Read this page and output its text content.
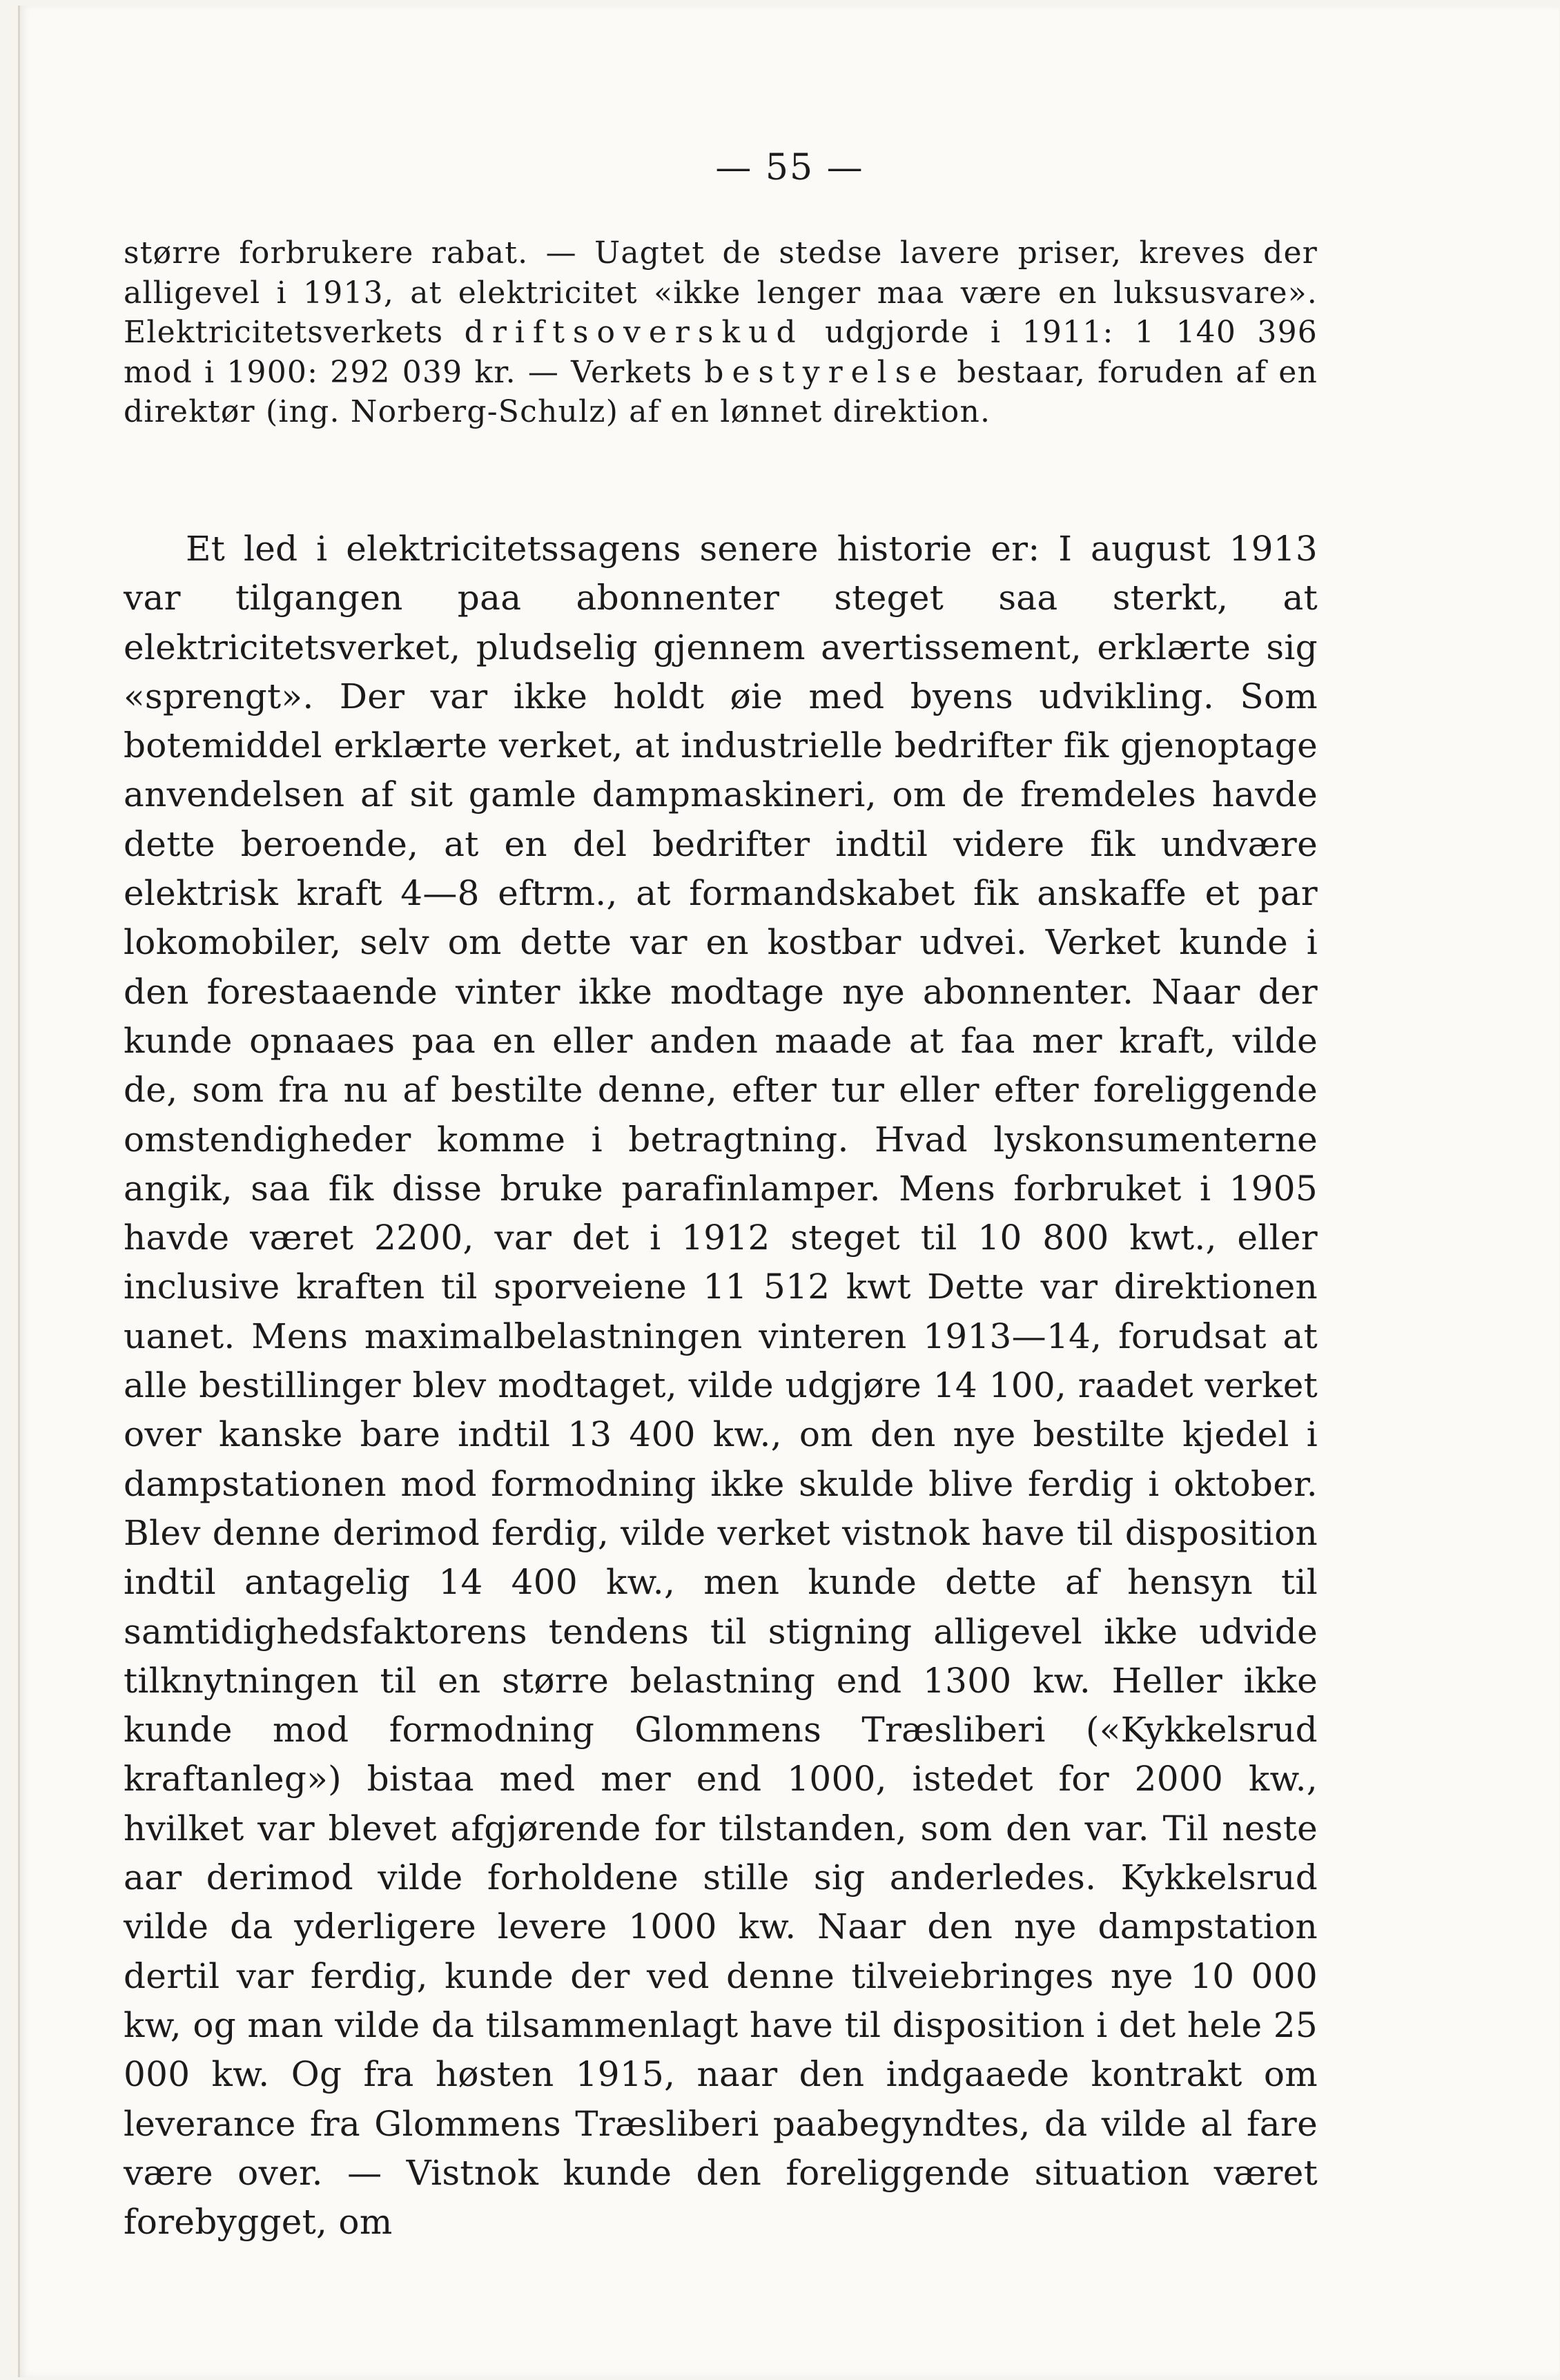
— 55 —

større forbrukere rabat. — Uagtet de stedse lavere priser, kreves der alligevel i 1913, at elektricitet «ikke lenger maa være en luksusvare». Elektricitetsverkets driftsoverskud udgjorde i 1911: 1 140 396 mod i 1900: 292 039 kr. — Verkets bestyrelse bestaar, foruden af en direktør (ing. Norberg-Schulz) af en lønnet direktion.

Et led i elektricitetssagens senere historie er: I august 1913 var tilgangen paa abonnenter steget saa sterkt, at elektricitetsverket, pludselig gjennem avertissement, erklærte sig «sprengt». Der var ikke holdt øie med byens udvikling. Som botemiddel erklærte verket, at industrielle bedrifter fik gjenoptage anvendelsen af sit gamle dampmaskineri, om de fremdeles havde dette beroende, at en del bedrifter indtil videre fik undvære elektrisk kraft 4—8 eftrm., at formandskabet fik anskaffe et par lokomobiler, selv om dette var en kostbar udvei. Verket kunde i den forestaaende vinter ikke modtage nye abonnenter. Naar der kunde opnaaes paa en eller anden maade at faa mer kraft, vilde de, som fra nu af bestilte denne, efter tur eller efter foreliggende omstendigheder komme i betragtning. Hvad lyskonsumenterne angik, saa fik disse bruke parafinlamper. Mens forbruket i 1905 havde været 2200, var det i 1912 steget til 10 800 kwt., eller inclusive kraften til sporveiene 11 512 kwt Dette var direktionen uanet. Mens maximalbelastningen vinteren 1913—14, forudsat at alle bestillinger blev modtaget, vilde udgjøre 14 100, raadet verket over kanske bare indtil 13 400 kw., om den nye bestilte kjedel i dampstationen mod formodning ikke skulde blive ferdig i oktober. Blev denne derimod ferdig, vilde verket vistnok have til disposition indtil antagelig 14 400 kw., men kunde dette af hensyn til samtidighedsfaktorens tendens til stigning alligevel ikke udvide tilknytningen til en større belastning end 1300 kw. Heller ikke kunde mod formodning Glommens Træsliberi («Kykkelsrud kraftanleg») bistaa med mer end 1000, istedet for 2000 kw., hvilket var blevet afgjørende for tilstanden, som den var. Til neste aar derimod vilde forholdene stille sig anderledes. Kykkelsrud vilde da yderligere levere 1000 kw. Naar den nye dampstation dertil var ferdig, kunde der ved denne tilveiebringes nye 10 000 kw, og man vilde da tilsammenlagt have til disposition i det hele 25 000 kw. Og fra høsten 1915, naar den indgaaede kontrakt om leverance fra Glommens Træsliberi paabegyndtes, da vilde al fare være over. — Vistnok kunde den foreliggende situation været forebygget, om
